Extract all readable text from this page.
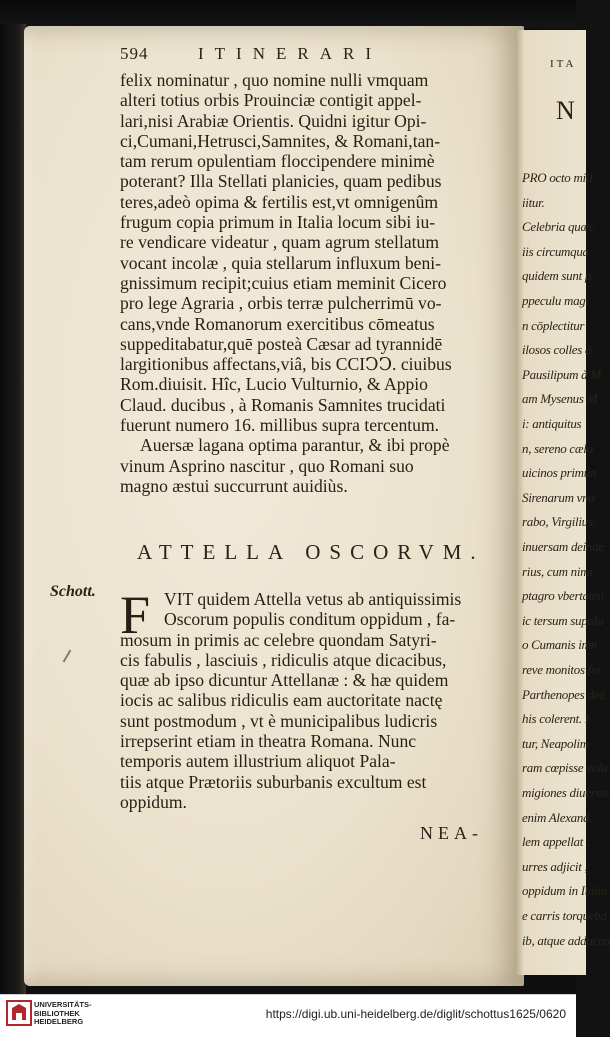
ITA
N
PRO octo mill
iitur.
Celebria quæc
iis circumqua
quidem sunt p
ppeculu magi
n cōplectitur
ilosos colles à
Pausilipum à M
am Mysenus M
i: antiquitus
n, sereno cælo
uicinos primūn
Sirenarum vna
rabo, Virgilius,
inuersam deinde
rius, cum nimi
ptagro vbertaten
ic tersum suppla
o Cumanis imn
reve monitos fer
Parthenopes dea
his colerent. I
tur, Neapolim
ram cœpisse volu
migiones diuersæ
enim Alexand
lem appellat :
urres adjicit ,
oppidum in Italia
e carris torqueba
ib, atque adducna
594	ITINERARI
felix nominatur , quo nomine nulli vmquam
alteri totius orbis Prouinciæ contigit appel-
lari,nisi Arabiæ Orientis. Quidni igitur Opi-
ci,Cumani,Hetrusci,Samnites, & Romani,tan-
tam rerum opulentiam floccipendere minimè
poterant? Illa Stellati planicies, quam pedibus
teres,adeò opima & fertilis est,vt omnigenûm
frugum copia primum in Italia locum sibi iu-
re vendicare videatur , quam agrum stellatum
vocant incolæ , quia stellarum influxum beni-
gnissimum recipit;cuius etiam meminit Cicero
pro lege Agraria , orbis terræ pulcherrimū vo-
cans,vnde Romanorum exercitibus cōmeatus
suppeditabatur,quē posteà Cæsar ad tyrannidē
largitionibus affectans,viâ, bis CCIↃↃ. ciuibus
Rom.diuisit. Hîc, Lucio Vulturnio, & Appio
Claud. ducibus , à Romanis Samnites trucidati
fuerunt numero 16. millibus supra tercentum.
Auersæ lagana optima parantur, & ibi propè
vinum Asprino nascitur , quo Romani suo
magno æstui succurrunt auidiùs.
ATTELLA OSCORVM.
Schott. F VIT quidem Attella vetus ab antiquissimis
Oscorum populis conditum oppidum , fa-
mosum in primis ac celebre quondam Satyri-
cis fabulis , lasciuis , ridiculis atque dicacibus,
quæ ab ipso dicuntur Attellanæ : & hæ quidem
iocis ac salibus ridiculis eam auctoritate nactę
sunt postmodum , vt è municipalibus ludicris
irrepserint etiam in theatra Romana. Nunc
temporis autem illustrium aliquot Pala-
tiis atque Prætoriis suburbanis excultum est
oppidum.
NEA-
UNIVERSITÄTS-
BIBLIOTHEK
HEIDELBERG
https://digi.ub.uni-heidelberg.de/diglit/schottus1625/0620
